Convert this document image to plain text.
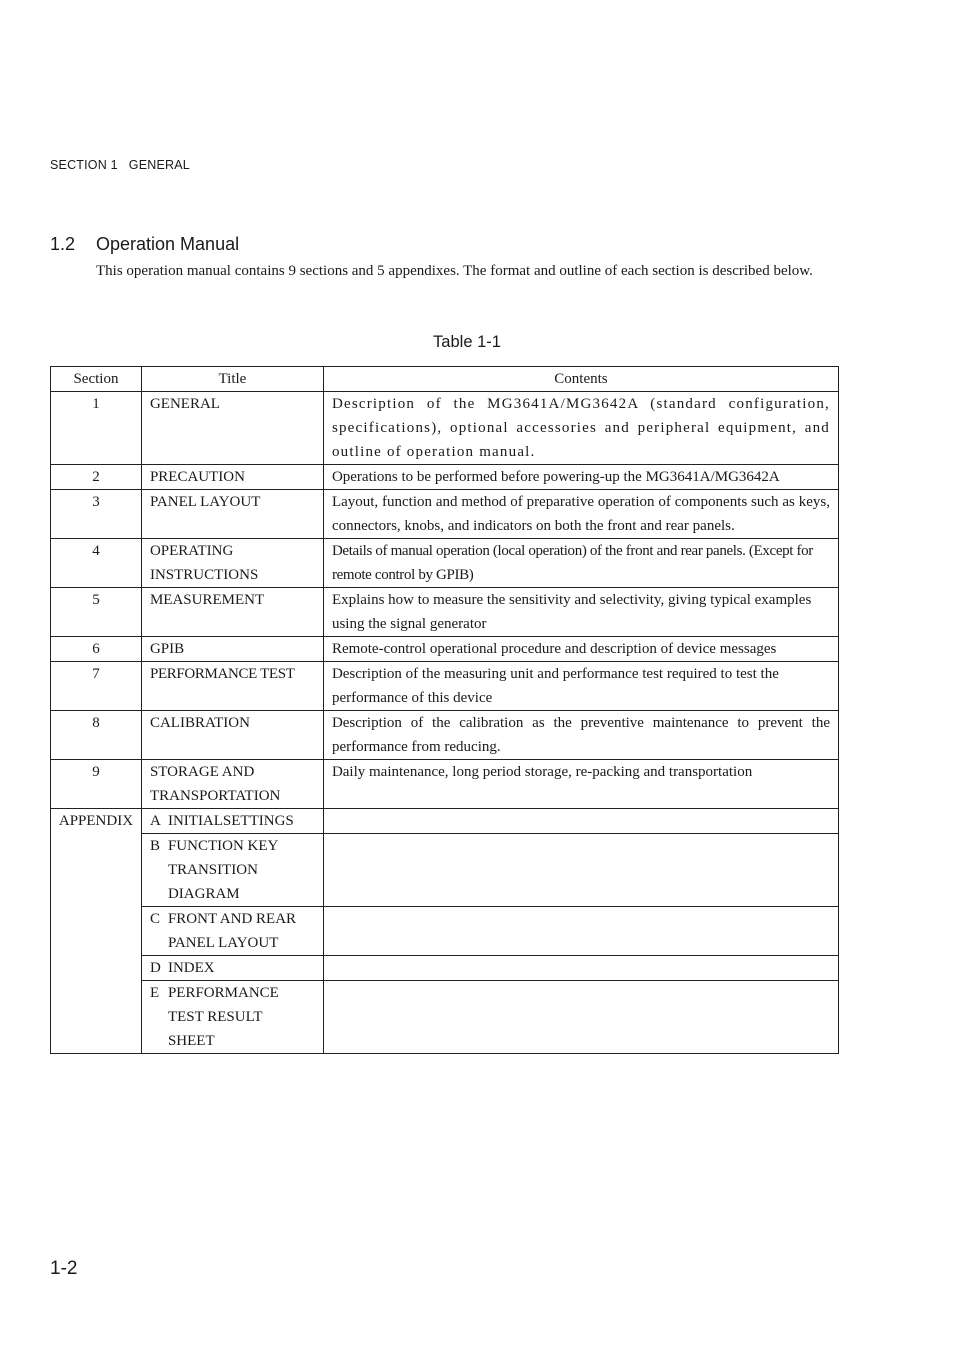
SECTION 1 GENERAL
1.2 Operation Manual
This operation manual contains 9 sections and 5 appendixes. The format and outline of each section is described below.
Table 1-1
Section	Title	Contents
1	GENERAL	Description of the MG3641A/MG3642A (standard configuration, specifications), optional accessories and peripheral equipment, and outline of operation manual.
2	PRECAUTION	Operations to be performed before powering-up the MG3641A/MG3642A
3	PANEL LAYOUT	Layout, function and method of preparative operation of components such as keys, connectors, knobs, and indicators on both the front and rear panels.
4	OPERATING INSTRUCTIONS	Details of manual operation (local operation) of the front and rear panels. (Except for remote control by GPIB)
5	MEASUREMENT	Explains how to measure the sensitivity and selectivity, giving typical examples using the signal generator
6	GPIB	Remote-control operational procedure and description of device messages
7	PERFORMANCE TEST	Description of the measuring unit and performance test required to test the performance of this device
8	CALIBRATION	Description of the calibration as the preventive maintenance to prevent the performance from reducing.
9	STORAGE AND TRANSPORTATION	Daily maintenance, long period storage, re-packing and transportation
APPENDIX	A INITIALSETTINGS	

	B FUNCTION KEY TRANSITION DIAGRAM	

	C FRONT AND REAR PANEL LAYOUT	

	D INDEX	

	E PERFORMANCE TEST RESULT SHEET	

1-2
